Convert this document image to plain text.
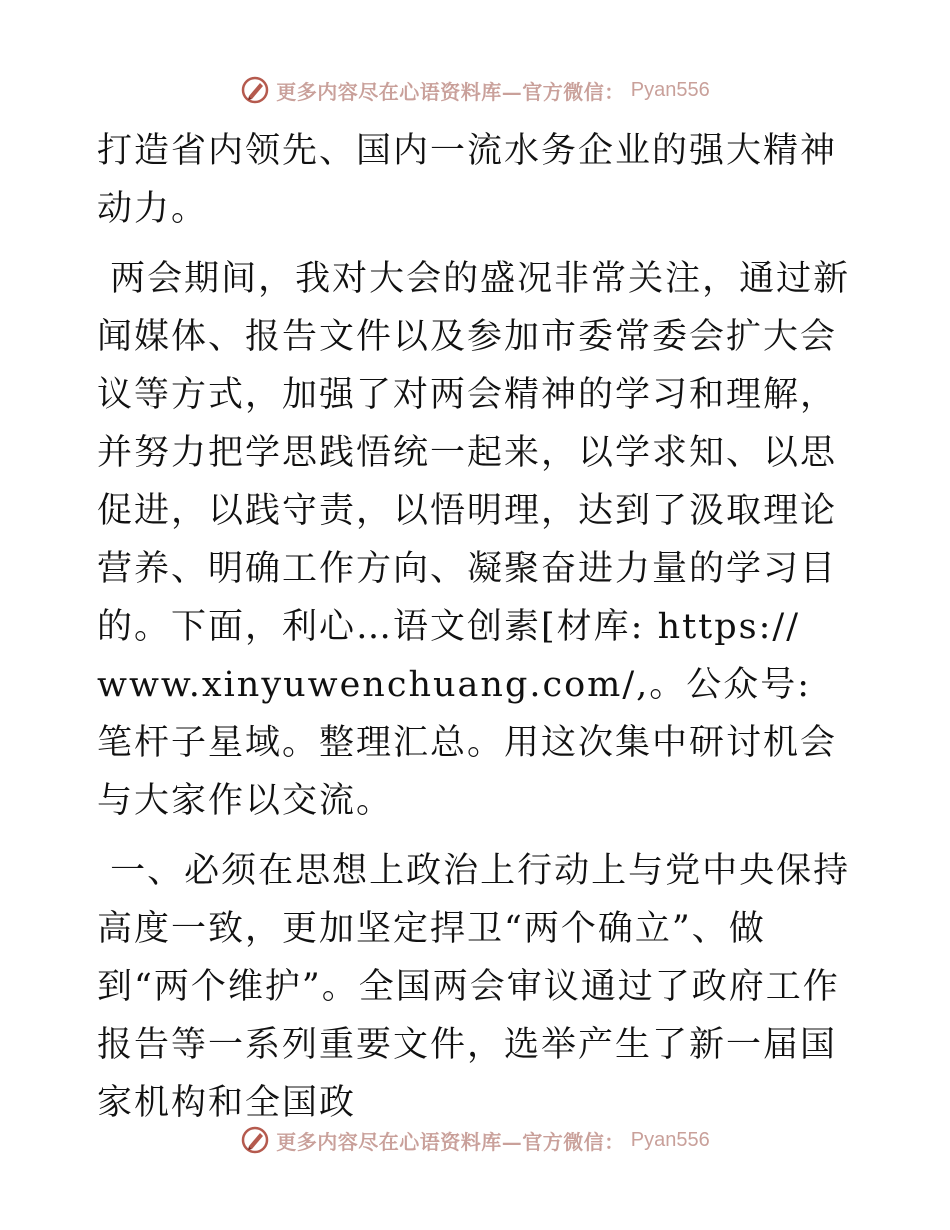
更多内容尽在心语资料库—官方微信： Pyan556

打造省内领先、国内一流水务企业的强大精神动力。

两会期间，我对大会的盛况非常关注，通过新闻媒体、报告文件以及参加市委常委会扩大会议等方式，加强了对两会精神的学习和理解，并努力把学思践悟统一起来，以学求知、以思促进，以践守责，以悟明理，达到了汲取理论营养、明确工作方向、凝聚奋进力量的学习目的。下面，利心…语文创素[材库: https://
www.xinyuwenchuang.com/,。公众号: 笔杆子星域。整理汇总。用这次集中研讨机会与大家作以交流。

一、必须在思想上政治上行动上与党中央保持高度一致，更加坚定捍卫“两个确立”、做到“两个维护”。全国两会审议通过了政府工作报告等一系列重要文件，选举产生了新一届国家机构和全国政

更多内容尽在心语资料库—官方微信： Pyan556
